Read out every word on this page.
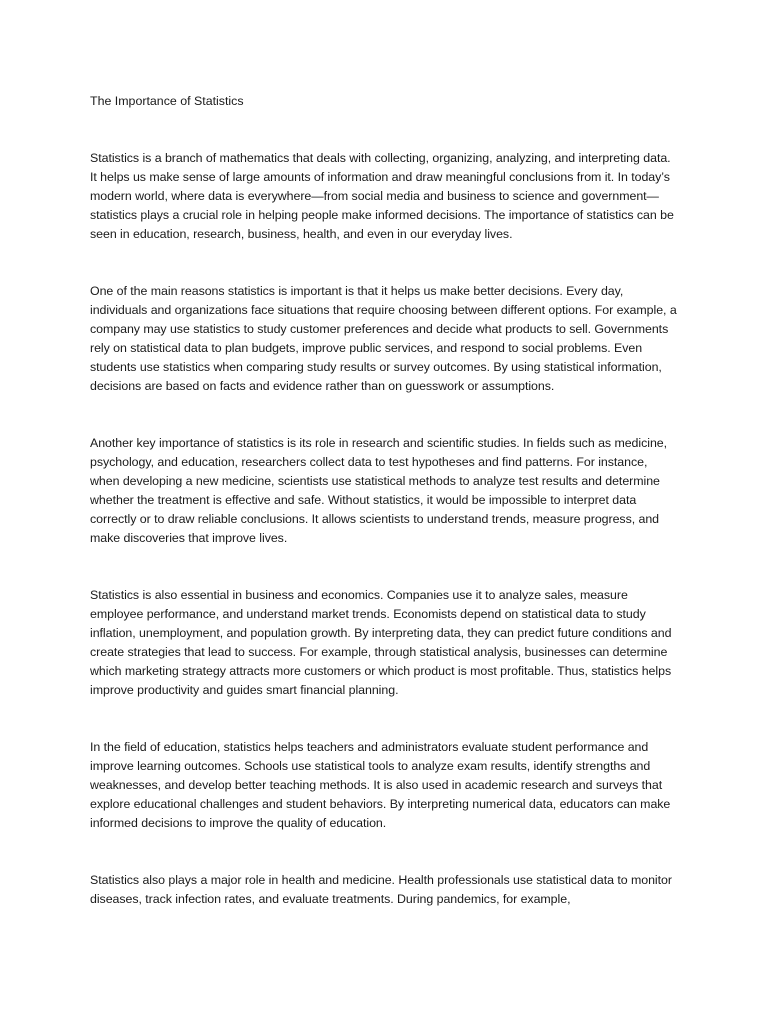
The Importance of Statistics

Statistics is a branch of mathematics that deals with collecting, organizing, analyzing, and interpreting data. It helps us make sense of large amounts of information and draw meaningful conclusions from it. In today’s modern world, where data is everywhere—from social media and business to science and government—statistics plays a crucial role in helping people make informed decisions. The importance of statistics can be seen in education, research, business, health, and even in our everyday lives.

One of the main reasons statistics is important is that it helps us make better decisions. Every day, individuals and organizations face situations that require choosing between different options. For example, a company may use statistics to study customer preferences and decide what products to sell. Governments rely on statistical data to plan budgets, improve public services, and respond to social problems. Even students use statistics when comparing study results or survey outcomes. By using statistical information, decisions are based on facts and evidence rather than on guesswork or assumptions.

Another key importance of statistics is its role in research and scientific studies. In fields such as medicine, psychology, and education, researchers collect data to test hypotheses and find patterns. For instance, when developing a new medicine, scientists use statistical methods to analyze test results and determine whether the treatment is effective and safe. Without statistics, it would be impossible to interpret data correctly or to draw reliable conclusions. It allows scientists to understand trends, measure progress, and make discoveries that improve lives.

Statistics is also essential in business and economics. Companies use it to analyze sales, measure employee performance, and understand market trends. Economists depend on statistical data to study inflation, unemployment, and population growth. By interpreting data, they can predict future conditions and create strategies that lead to success. For example, through statistical analysis, businesses can determine which marketing strategy attracts more customers or which product is most profitable. Thus, statistics helps improve productivity and guides smart financial planning.

In the field of education, statistics helps teachers and administrators evaluate student performance and improve learning outcomes. Schools use statistical tools to analyze exam results, identify strengths and weaknesses, and develop better teaching methods. It is also used in academic research and surveys that explore educational challenges and student behaviors. By interpreting numerical data, educators can make informed decisions to improve the quality of education.

Statistics also plays a major role in health and medicine. Health professionals use statistical data to monitor diseases, track infection rates, and evaluate treatments. During pandemics, for example,
